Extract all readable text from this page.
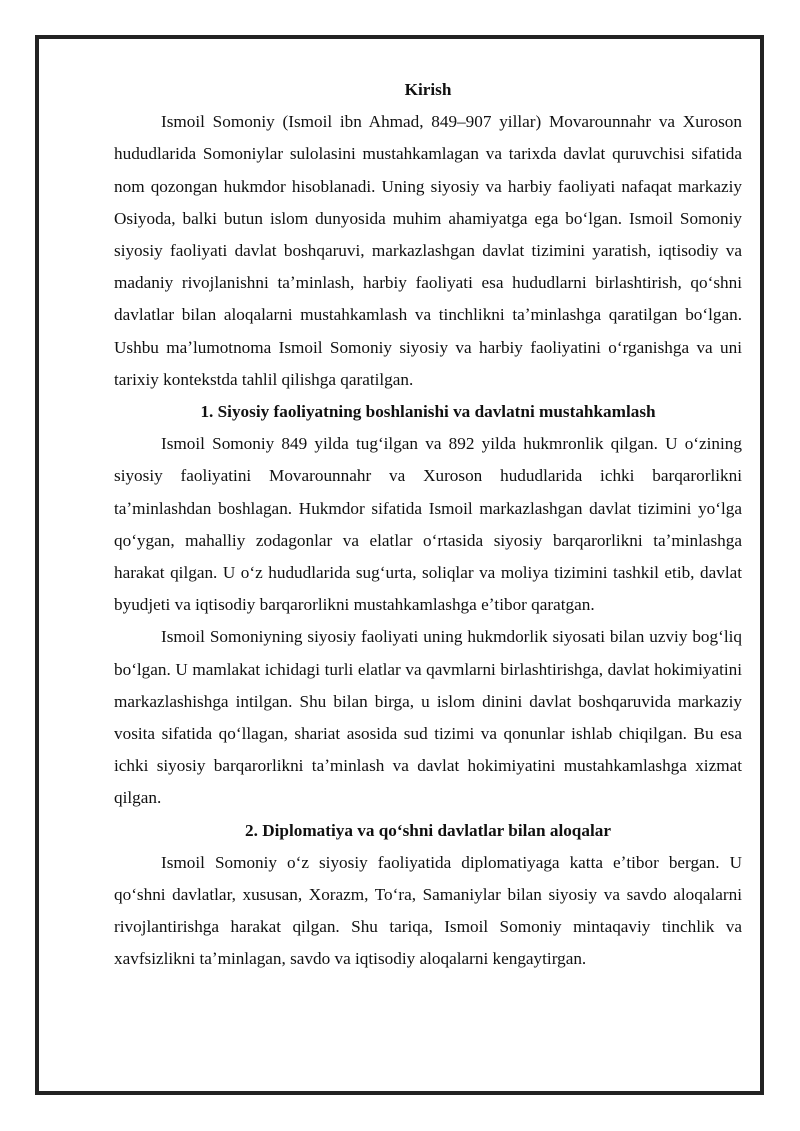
Kirish

Ismoil Somoniy (Ismoil ibn Ahmad, 849–907 yillar) Movarounnahr va Xuroson hududlarida Somoniylar sulolasini mustahkamlagan va tarixda davlat quruvchisi sifatida nom qozongan hukmdor hisoblanadi. Uning siyosiy va harbiy faoliyati nafaqat markaziy Osiyoda, balki butun islom dunyosida muhim ahamiyatga ega boʻlgan. Ismoil Somoniy siyosiy faoliyati davlat boshqaruvi, markazlashgan davlat tizimini yaratish, iqtisodiy va madaniy rivojlanishni taʼminlash, harbiy faoliyati esa hududlarni birlashtirish, qoʻshni davlatlar bilan aloqalarni mustahkamlash va tinchlikni taʼminlashga qaratilgan boʻlgan. Ushbu maʼlumotnoma Ismoil Somoniy siyosiy va harbiy faoliyatini oʻrganishga va uni tarixiy kontekstda tahlil qilishga qaratilgan.

1. Siyosiy faoliyatning boshlanishi va davlatni mustahkamlash

Ismoil Somoniy 849 yilda tugʻilgan va 892 yilda hukmronlik qilgan. U oʻzining siyosiy faoliyatini Movarounnahr va Xuroson hududlarida ichki barqarorlikni taʼminlashdan boshlagan. Hukmdor sifatida Ismoil markazlashgan davlat tizimini yoʻlga qoʻygan, mahalliy zodagonlar va elatlar oʻrtasida siyosiy barqarorlikni taʼminlashga harakat qilgan. U oʻz hududlarida sugʻurta, soliqlar va moliya tizimini tashkil etib, davlat byudjeti va iqtisodiy barqarorlikni mustahkamlashga eʼtibor qaratgan.

Ismoil Somoniyning siyosiy faoliyati uning hukmdorlik siyosati bilan uzviy bogʻliq boʻlgan. U mamlakat ichidagi turli elatlar va qavmlarni birlashtirishga, davlat hokimiyatini markazlashishga intilgan. Shu bilan birga, u islom dinini davlat boshqaruvida markaziy vosita sifatida qoʻllagan, shariat asosida sud tizimi va qonunlar ishlab chiqilgan. Bu esa ichki siyosiy barqarorlikni taʼminlash va davlat hokimiyatini mustahkamlashga xizmat qilgan.

2. Diplomatiya va qoʻshni davlatlar bilan aloqalar

Ismoil Somoniy oʻz siyosiy faoliyatida diplomatiyaga katta eʼtibor bergan. U qoʻshni davlatlar, xususan, Xorazm, Toʻra, Samaniylar bilan siyosiy va savdo aloqalarni rivojlantirishga harakat qilgan. Shu tariqa, Ismoil Somoniy mintaqaviy tinchlik va xavfsizlikni taʼminlagan, savdo va iqtisodiy aloqalarni kengaytirgan.
